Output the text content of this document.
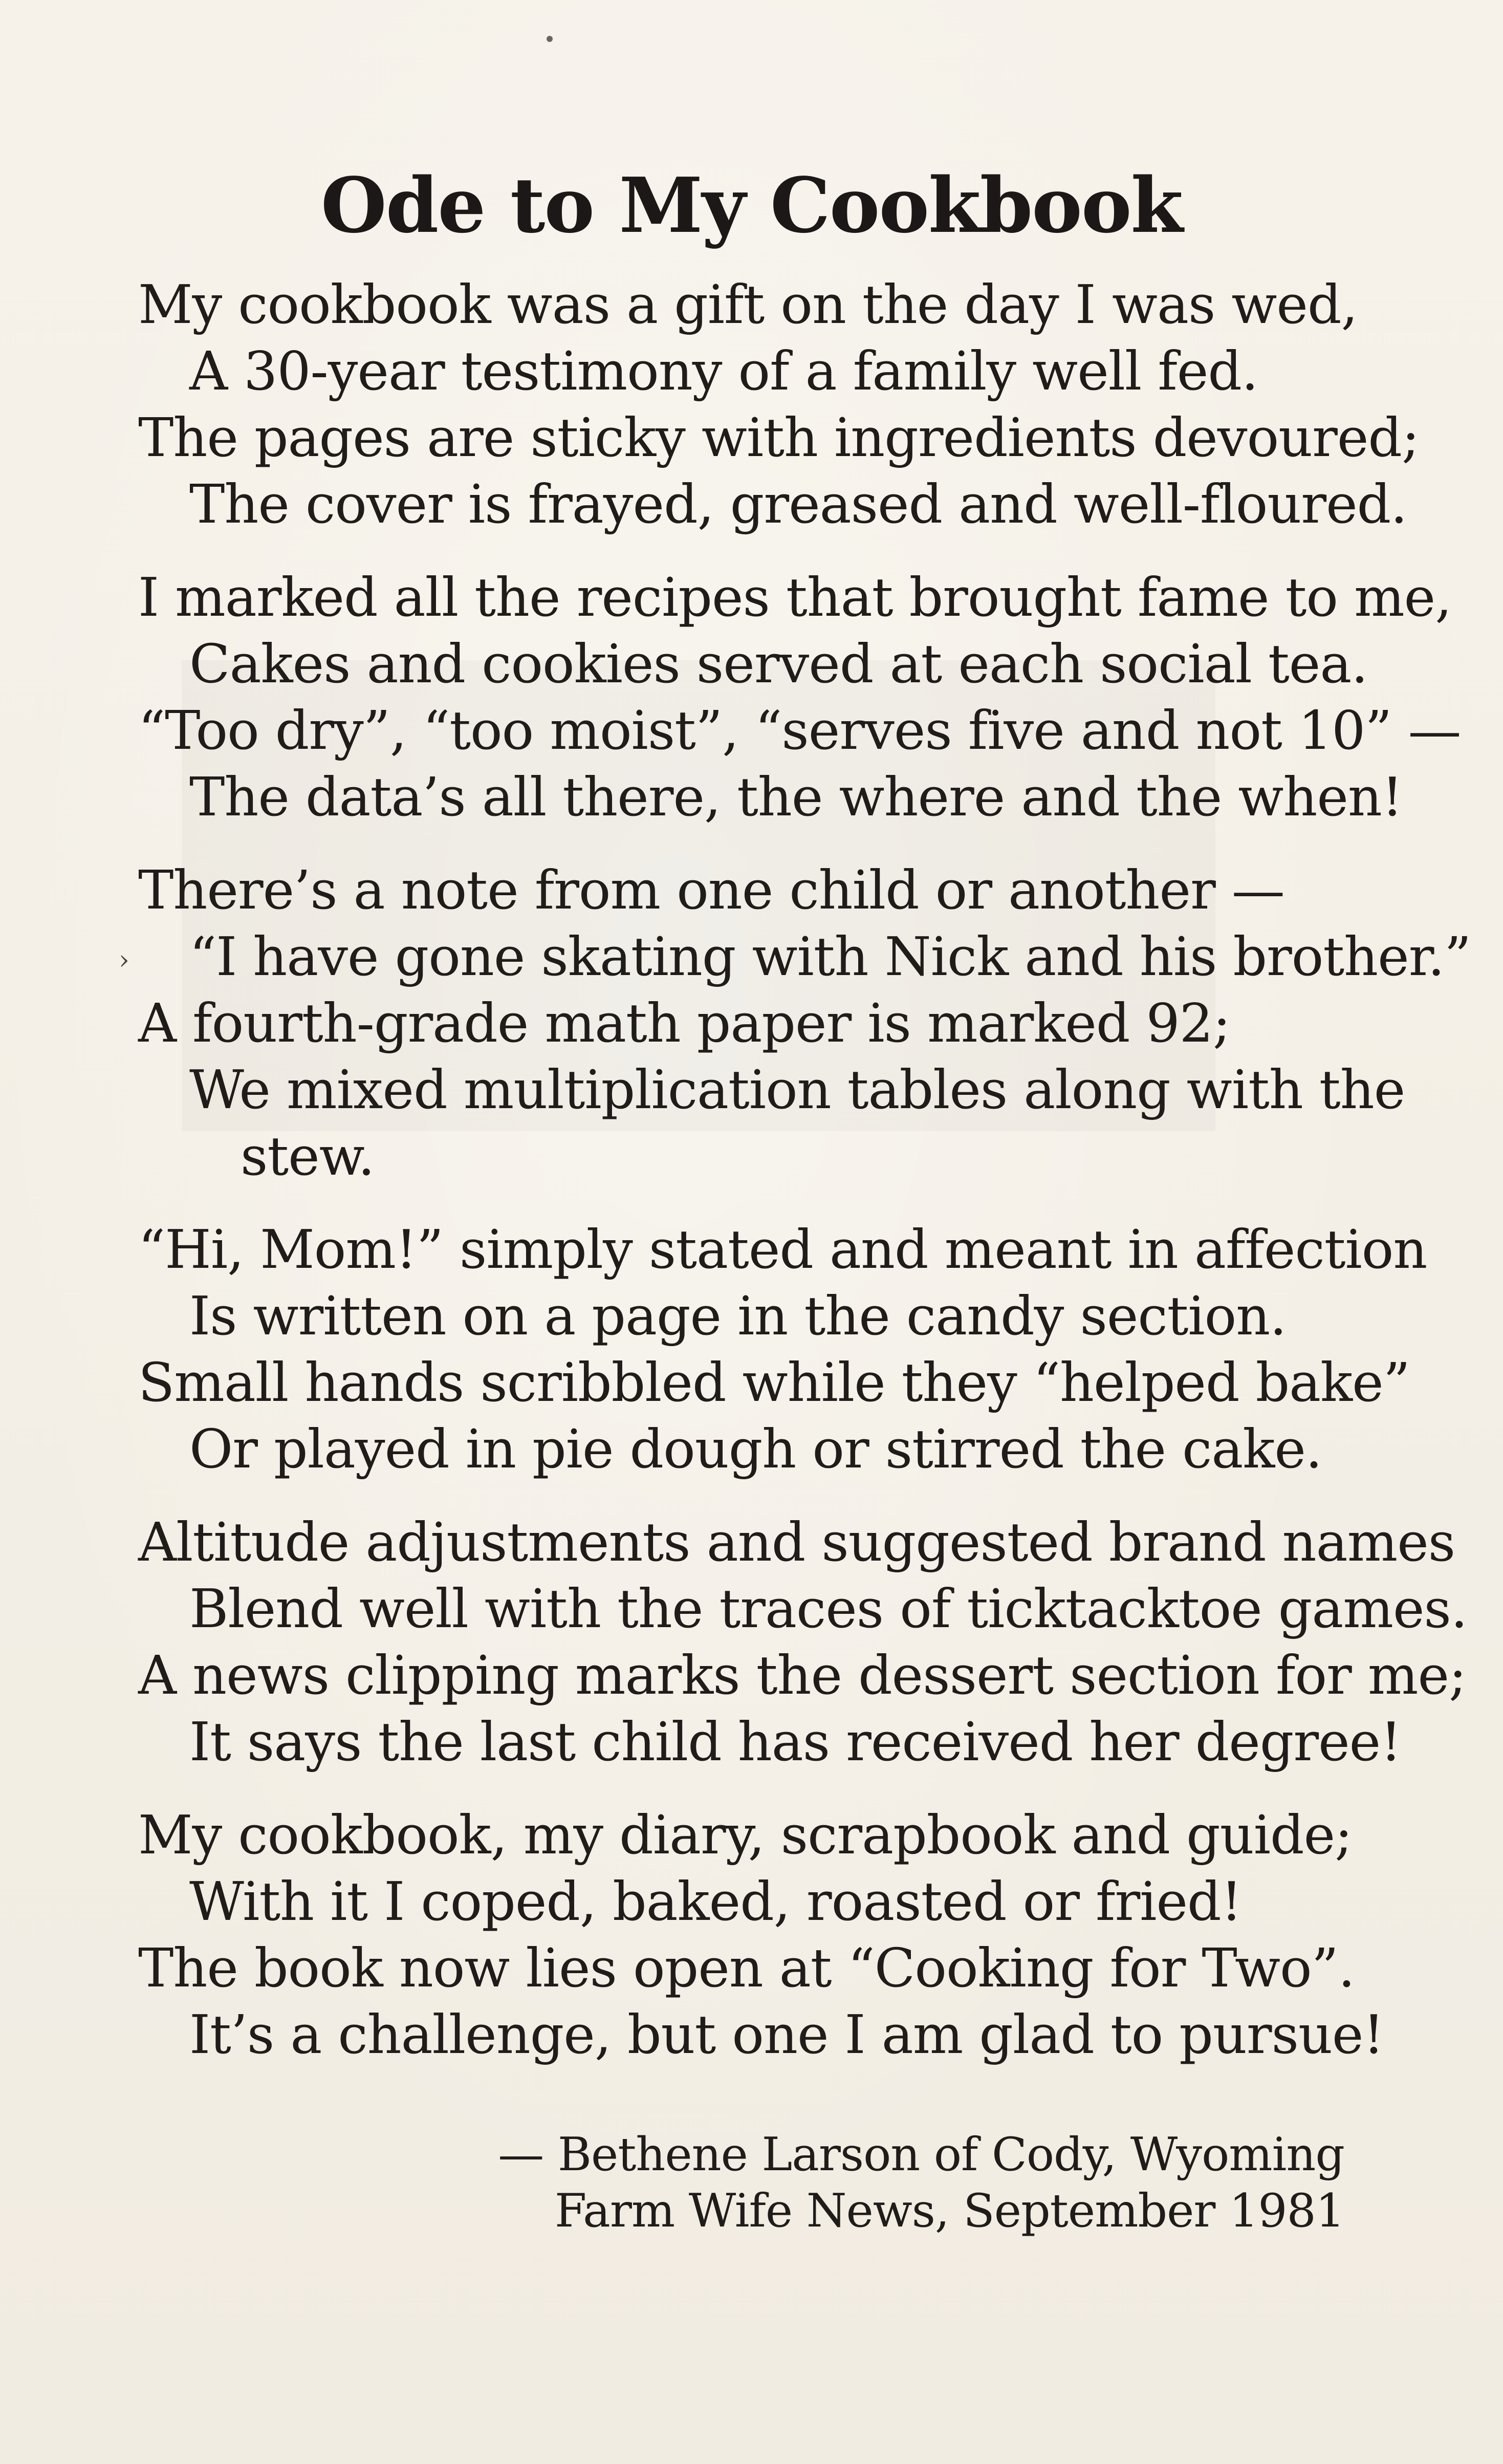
Ode to My Cookbook
My cookbook was a gift on the day I was wed,
A 30-year testimony of a family well fed.
The pages are sticky with ingredients devoured;
The cover is frayed, greased and well-floured.
I marked all the recipes that brought fame to me,
Cakes and cookies served at each social tea.
“Too dry”, “too moist”, “serves five and not 10” —
The data’s all there, the where and the when!
There’s a note from one child or another —
“I have gone skating with Nick and his brother.”
A fourth-grade math paper is marked 92;
We mixed multiplication tables along with the
stew.
“Hi, Mom!” simply stated and meant in affection
Is written on a page in the candy section.
Small hands scribbled while they “helped bake”
Or played in pie dough or stirred the cake.
Altitude adjustments and suggested brand names
Blend well with the traces of ticktacktoe games.
A news clipping marks the dessert section for me;
It says the last child has received her degree!
My cookbook, my diary, scrapbook and guide;
With it I coped, baked, roasted or fried!
The book now lies open at “Cooking for Two”.
It’s a challenge, but one I am glad to pursue!
›
— Bethene Larson of Cody, Wyoming
Farm Wife News, September 1981
